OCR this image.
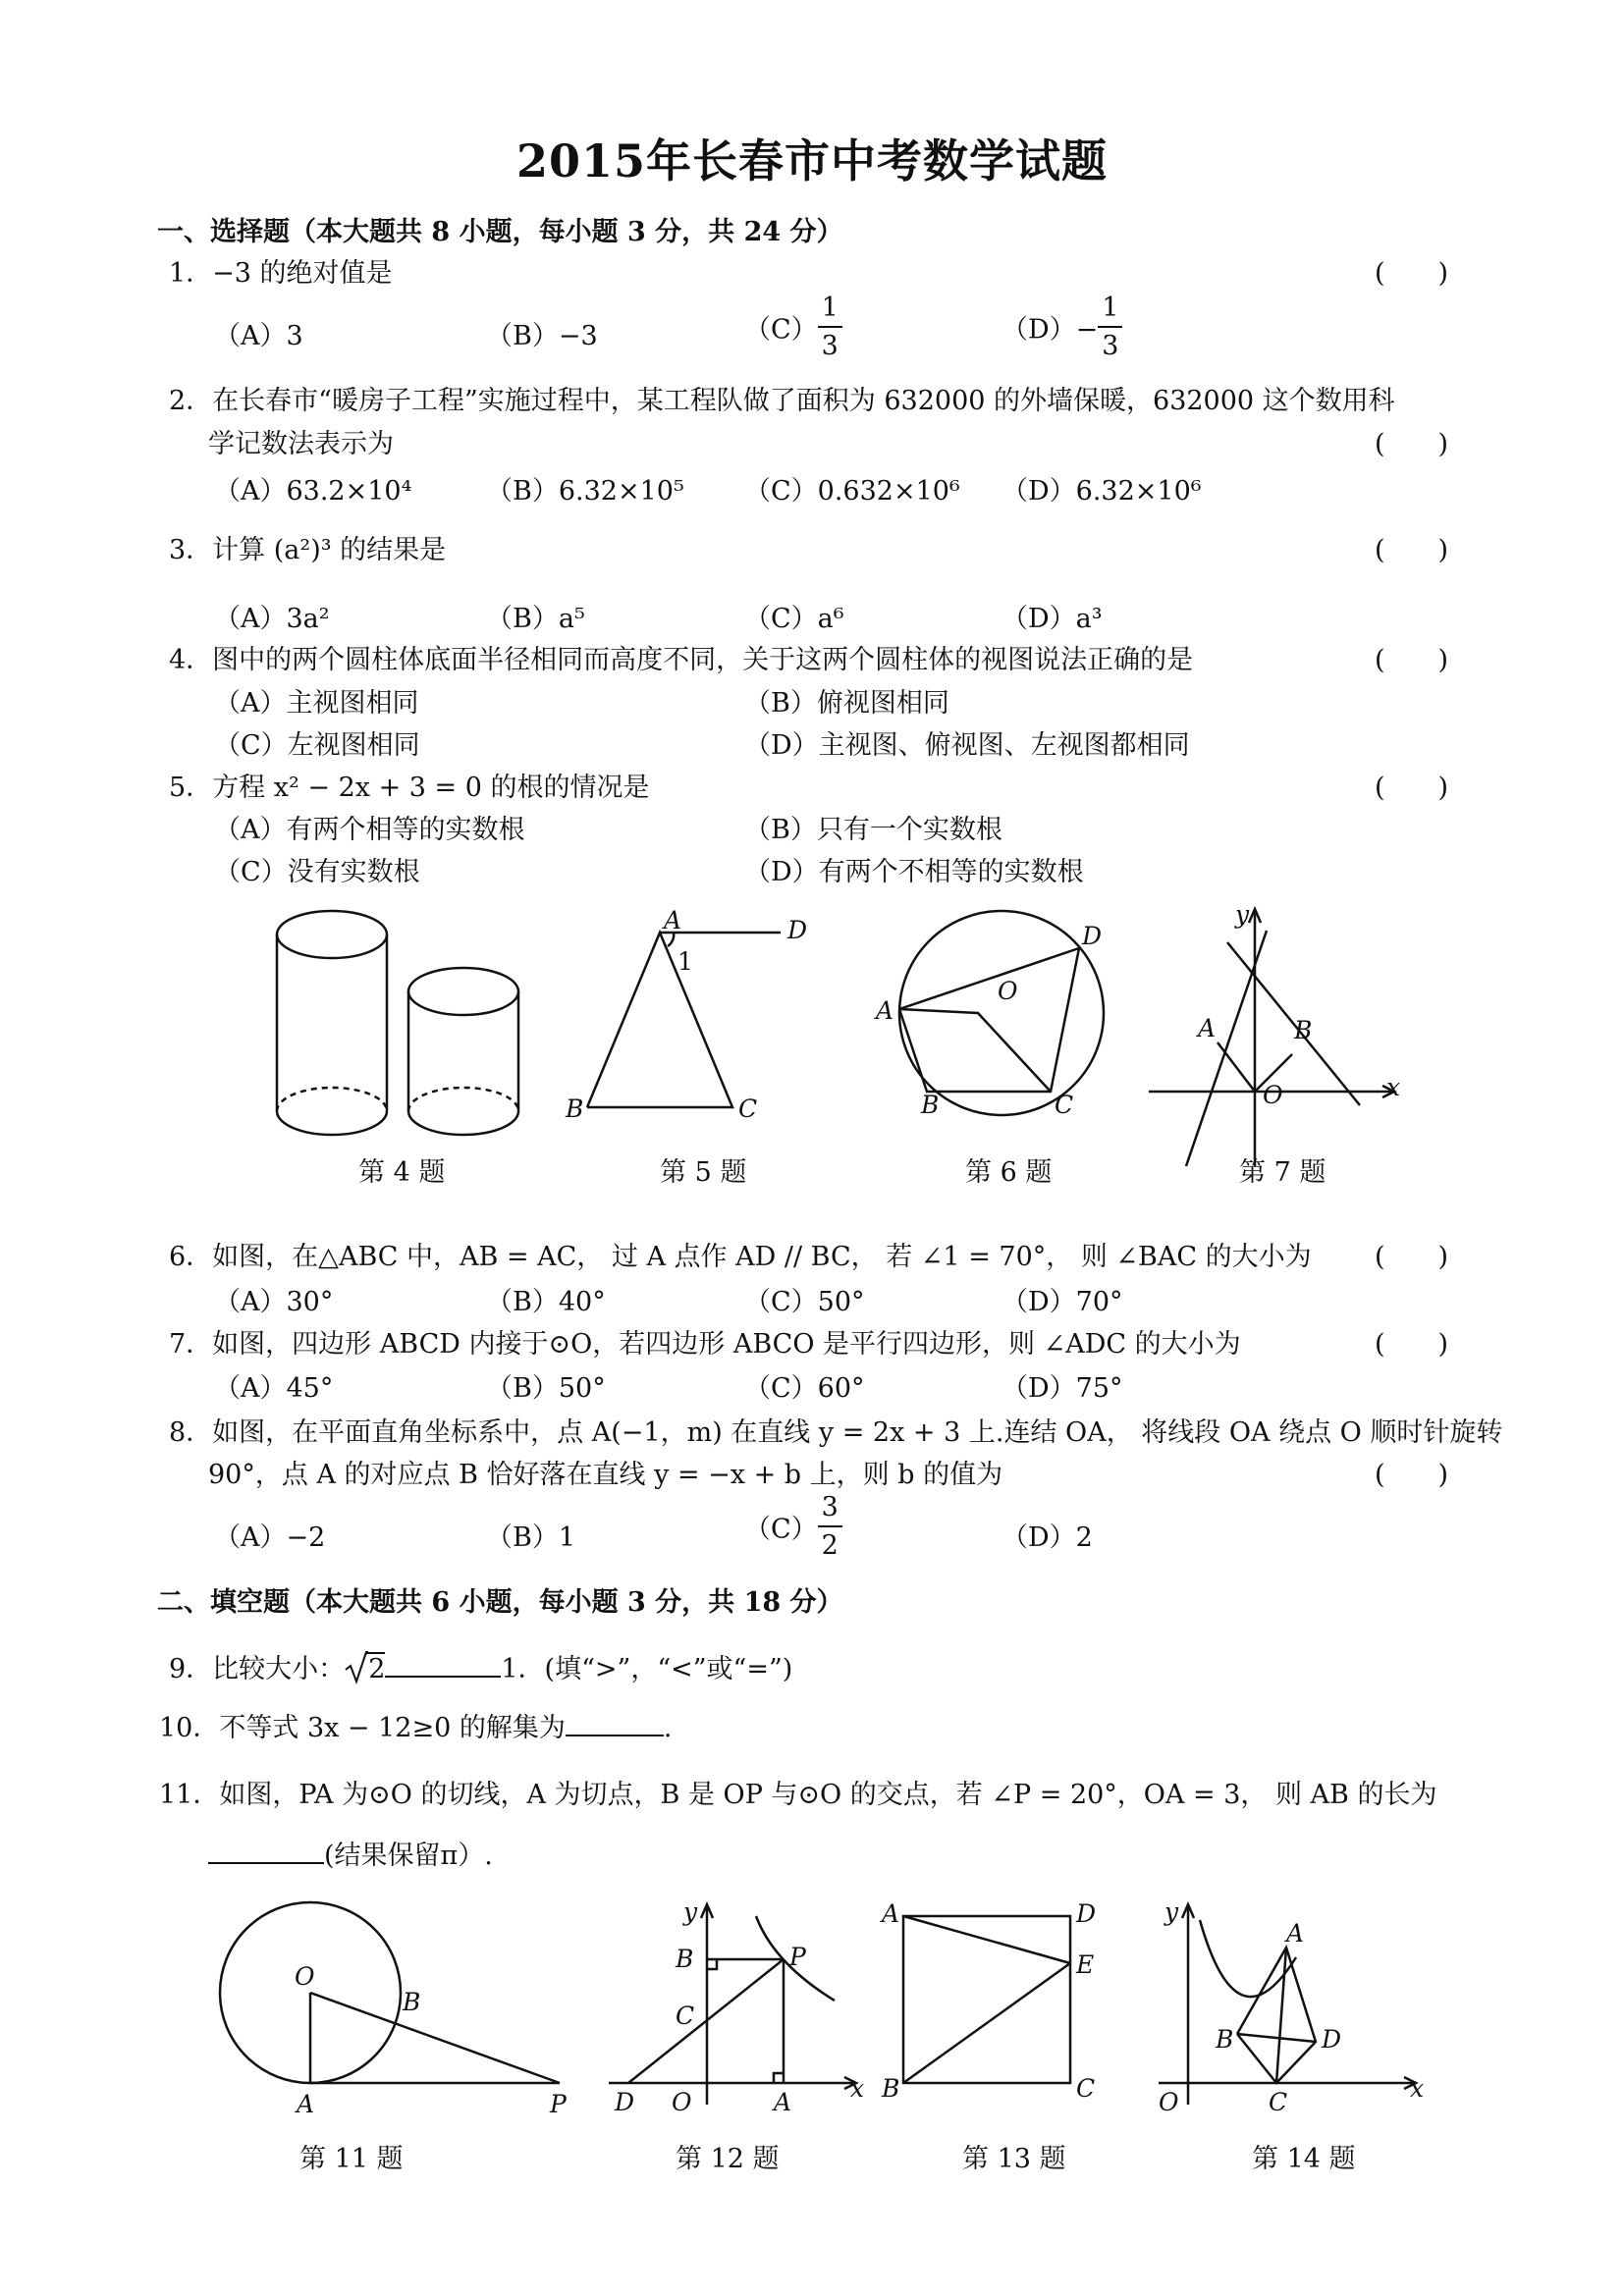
2015年长春市中考数学试题
一、选择题（本大题共 8 小题，每小题 3 分，共 24 分）
1．−3 的绝对值是	(　　)
（A）3	（B）−3	$(C) \frac{1}{3}$	$(D)- \frac{1}{3}$
2．在长春市“暖房子工程”实施过程中，某工程队做了面积为 632000 的外墙保暖，632000 这个数用科
学记数法表示为	(　　)
（A）63.2×10⁴	（B）6.32×10⁵ （C）0.632×10⁶ （D）6.32×10⁶
3．计算 (a²)³ 的结果是	(　　)
（A）3a²	（B）a⁵	（C）a⁶	（D）a³
4．图中的两个圆柱体底面半径相同而高度不同，关于这两个圆柱体的视图说法正确的是	(　　)
（A）主视图相同	（B）俯视图相同
（C）左视图相同	（D）主视图、俯视图、左视图都相同
5．方程 x² − 2x + 3 = 0 的根的情况是	(　　)
（A）有两个相等的实数根	（B）只有一个实数根
（C）没有实数根	（D）有两个不相等的实数根
A	D
1
B	C
A
B	C
D
O
y
x
A	B
O
第 4 题	第 5 题	第 6 题	第 7 题
6．如图，在△ABC 中，AB = AC， 过 A 点作 AD // BC， 若 ∠1 = 70°， 则 ∠BAC 的大小为 (　　)
（A）30°	（B）40°	（C）50°	（D）70°
7．如图，四边形 ABCD 内接于⊙O，若四边形 ABCO 是平行四边形，则 ∠ADC 的大小为	(　　)
（A）45°	（B）50°	（C）60°	（D）75°
8．如图，在平面直角坐标系中，点 A(−1，m) 在直线 y = 2x + 3 上.连结 OA， 将线段 OA 绕点 O 顺时针旋转
90°，点 A 的对应点 B 恰好落在直线 y = −x + b 上，则 b 的值为	(　　)
（A）−2	（B）1	$(C) \frac{3}{2}$	（D）2
二、填空题（本大题共 6 小题，每小题 3 分，共 18 分）
9．比较大小： 2	1．(填“>”，“<”或“=”)
10．不等式 3x − 12≥0 的解集为	.
11．如图，PA 为⊙O 的切线，A 为切点，B 是 OP 与⊙O 的交点，若 ∠P = 20°，OA = 3， 则 AB 的长为
(结果保留π）.
O
A
B
P
y
x
B	P
C
D O	A
A
B	C
D
E
y
x
A
B
C
D
O
第 11 题	第 12 题	第 13 题	第 14 题
